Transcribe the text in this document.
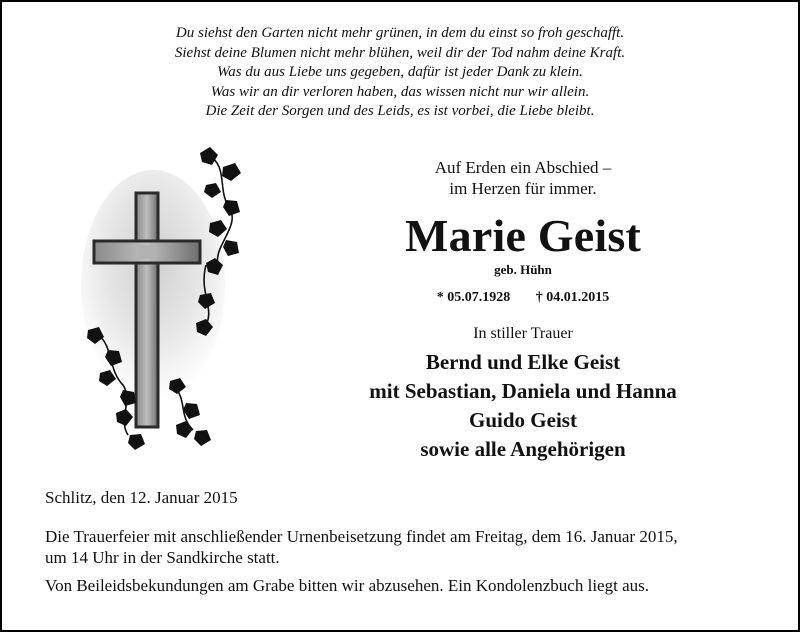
Du siehst den Garten nicht mehr grünen, in dem du einst so froh geschafft.
Siehst deine Blumen nicht mehr blühen, weil dir der Tod nahm deine Kraft.
Was du aus Liebe uns gegeben, dafür ist jeder Dank zu klein.
Was wir an dir verloren haben, das wissen nicht nur wir allein.
Die Zeit der Sorgen und des Leids, es ist vorbei, die Liebe bleibt.
Auf Erden ein Abschied –
im Herzen für immer.
Marie Geist
geb. Hühn
* 05.07.1928 † 04.01.2015
In stiller Trauer
Bernd und Elke Geist
mit Sebastian, Daniela und Hanna
Guido Geist
sowie alle Angehörigen
Schlitz, den 12. Januar 2015
Die Trauerfeier mit anschließender Urnenbeisetzung findet am Freitag, dem 16. Januar 2015,
um 14 Uhr in der Sandkirche statt.
Von Beileidsbekundungen am Grabe bitten wir abzusehen. Ein Kondolenzbuch liegt aus.
